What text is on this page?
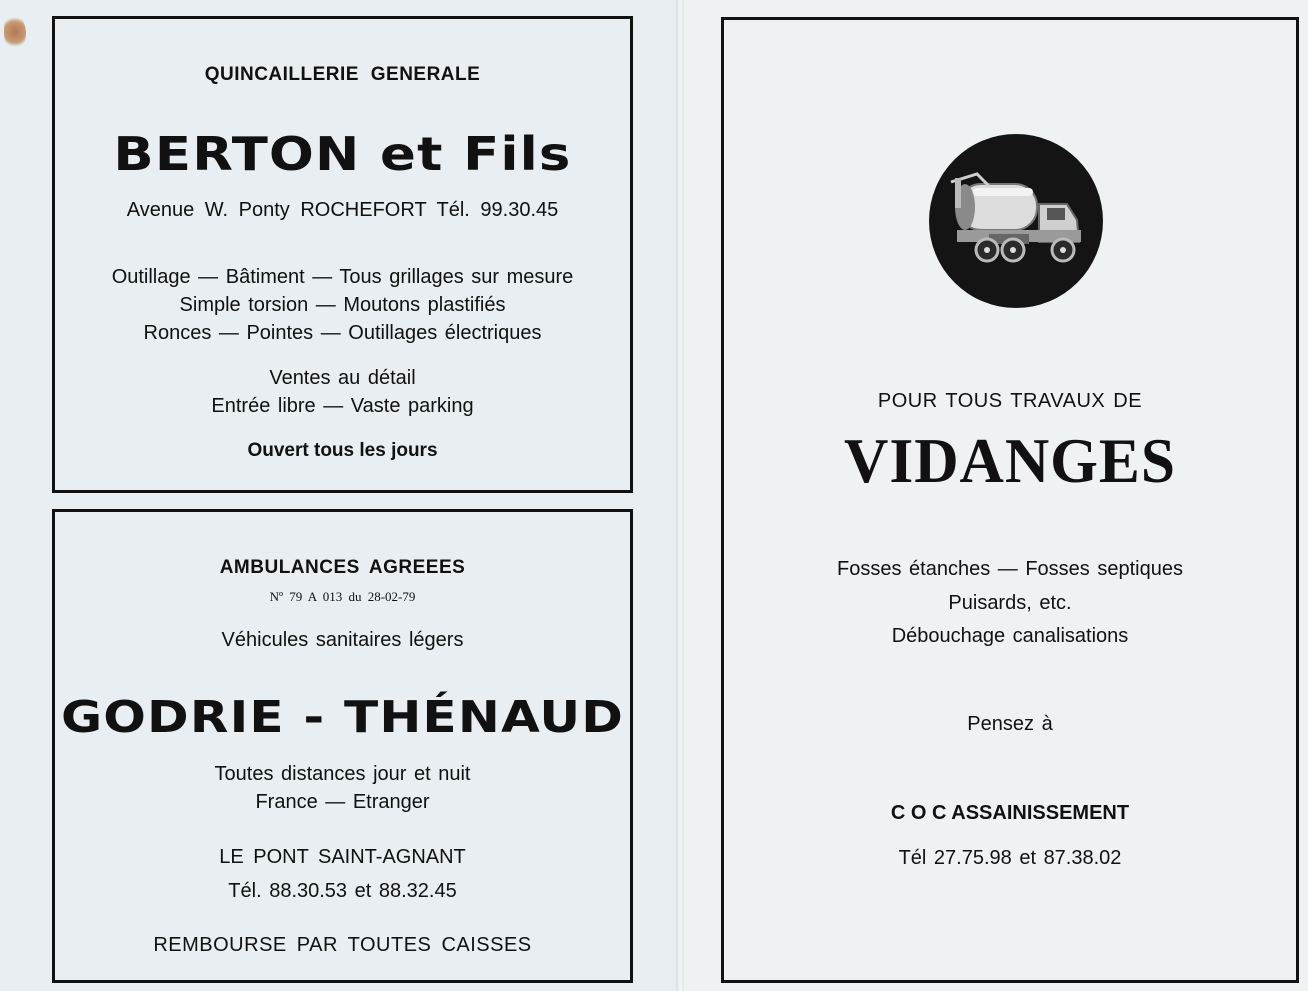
QUINCAILLERIE GENERALE
BERTON et Fils
Avenue W. Ponty ROCHEFORT Tél. 99.30.45
Outillage — Bâtiment — Tous grillages sur mesure
Simple torsion — Moutons plastifiés
Ronces — Pointes — Outillages électriques
Ventes au détail
Entrée libre — Vaste parking
Ouvert tous les jours
AMBULANCES AGREEES
Nº 79 A 013 du 28-02-79
Véhicules sanitaires légers
GODRIE - THÉNAUD
Toutes distances jour et nuit
France — Etranger
LE PONT SAINT-AGNANT
Tél. 88.30.53 et 88.32.45
REMBOURSE PAR TOUTES CAISSES
POUR TOUS TRAVAUX DE
VIDANGES
Fosses étanches — Fosses septiques
Puisards, etc.
Débouchage canalisations
Pensez à
C O C ASSAINISSEMENT
Tél 27.75.98 et 87.38.02
